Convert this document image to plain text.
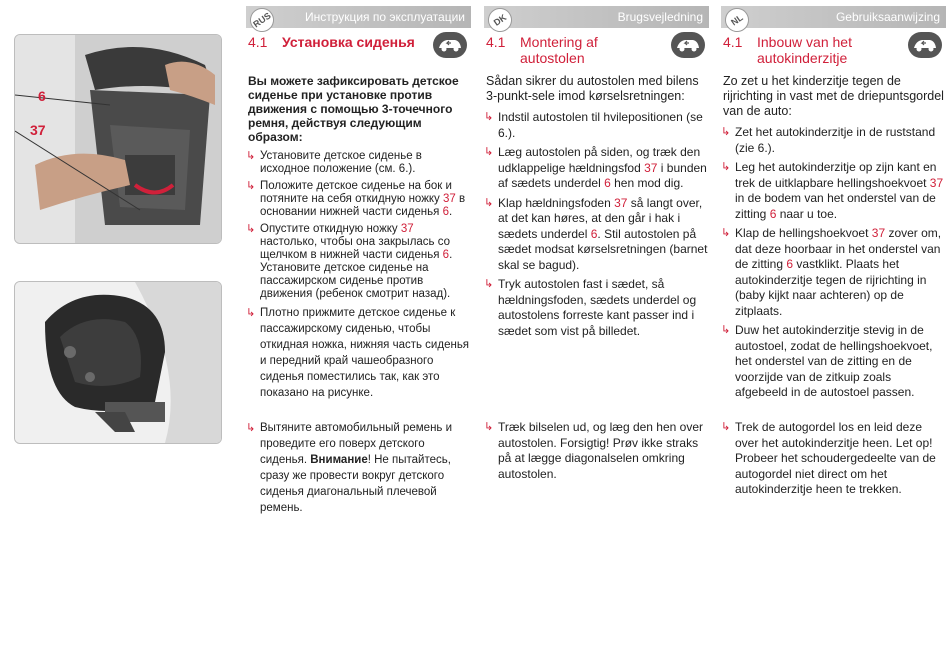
6
37
RUS	Инструкция по эксплуатации
4.1 Установка сиденья
Вы можете зафиксировать детское сиденье при установке против движения с помощью 3-точечного ремня, действуя следующим образом:
↳ Установите детское сиденье в исходное положение (см. 6.).
↳ Положите детское сиденье на бок и потяните на себя откидную ножку 37 в основании нижней части сиденья 6.
↳ Опустите откидную ножку 37 настолько, чтобы она закрылась со щелчком в нижней части сиденья 6. Установите детское сиденье на пассажирском сиденье против движения (ребенок смотрит назад).
↳ Плотно прижмите детское сиденье к пассажирскому сиденью, чтобы откидная ножка, нижняя часть сиденья и передний край чашеобразного сиденья поместились так, как это показано на рисунке.
↳ Вытяните автомобильный ремень и проведите его поверх детского сиденья. Внимание! Не пытайтесь, сразу же провести вокруг детского сиденья диагональный плечевой ремень.
DK	Brugsvejledning
4.1 Montering af autostolen
Sådan sikrer du autostolen med bilens 3-punkt-sele imod kørselsretningen:
↳ Indstil autostolen til hvilepositionen (se 6.).
↳ Læg autostolen på siden, og træk den udklappelige hældningsfod 37 i bunden af sædets underdel 6 hen mod dig.
↳ Klap hældningsfoden 37 så langt over, at det kan høres, at den går i hak i sædets underdel 6. Stil autostolen på sædet modsat kørselsretningen (barnet skal se bagud).
↳ Tryk autostolen fast i sædet, så hældningsfoden, sædets underdel og autostolens forreste kant passer ind i sædet som vist på billedet.
↳ Træk bilselen ud, og læg den hen over autostolen. Forsigtig! Prøv ikke straks på at lægge diagonalselen omkring autostolen.
NL	Gebruiksaanwijzing
4.1 Inbouw van het autokinderzitje
Zo zet u het kinderzitje tegen de rijrichting in vast met de driepuntsgordel van de auto:
↳ Zet het autokinderzitje in de ruststand (zie 6.).
↳ Leg het autokinderzitje op zijn kant en trek de uitklapbare hellingshoekvoet 37 in de bodem van het onderstel van de zitting 6 naar u toe.
↳ Klap de hellingshoekvoet 37 zover om, dat deze hoorbaar in het onderstel van de zitting 6 vastklikt. Plaats het autokinderzitje tegen de rijrichting in (baby kijkt naar achteren) op de zitplaats.
↳ Duw het autokinderzitje stevig in de autostoel, zodat de hellingshoekvoet, het onderstel van de zitting en de voorzijde van de zitkuip zoals afgebeeld in de autostoel passen.
↳ Trek de autogordel los en leid deze over het autokinderzitje heen. Let op! Probeer het schoudergedeelte van de autogordel niet direct om het autokinderzitje heen te trekken.
